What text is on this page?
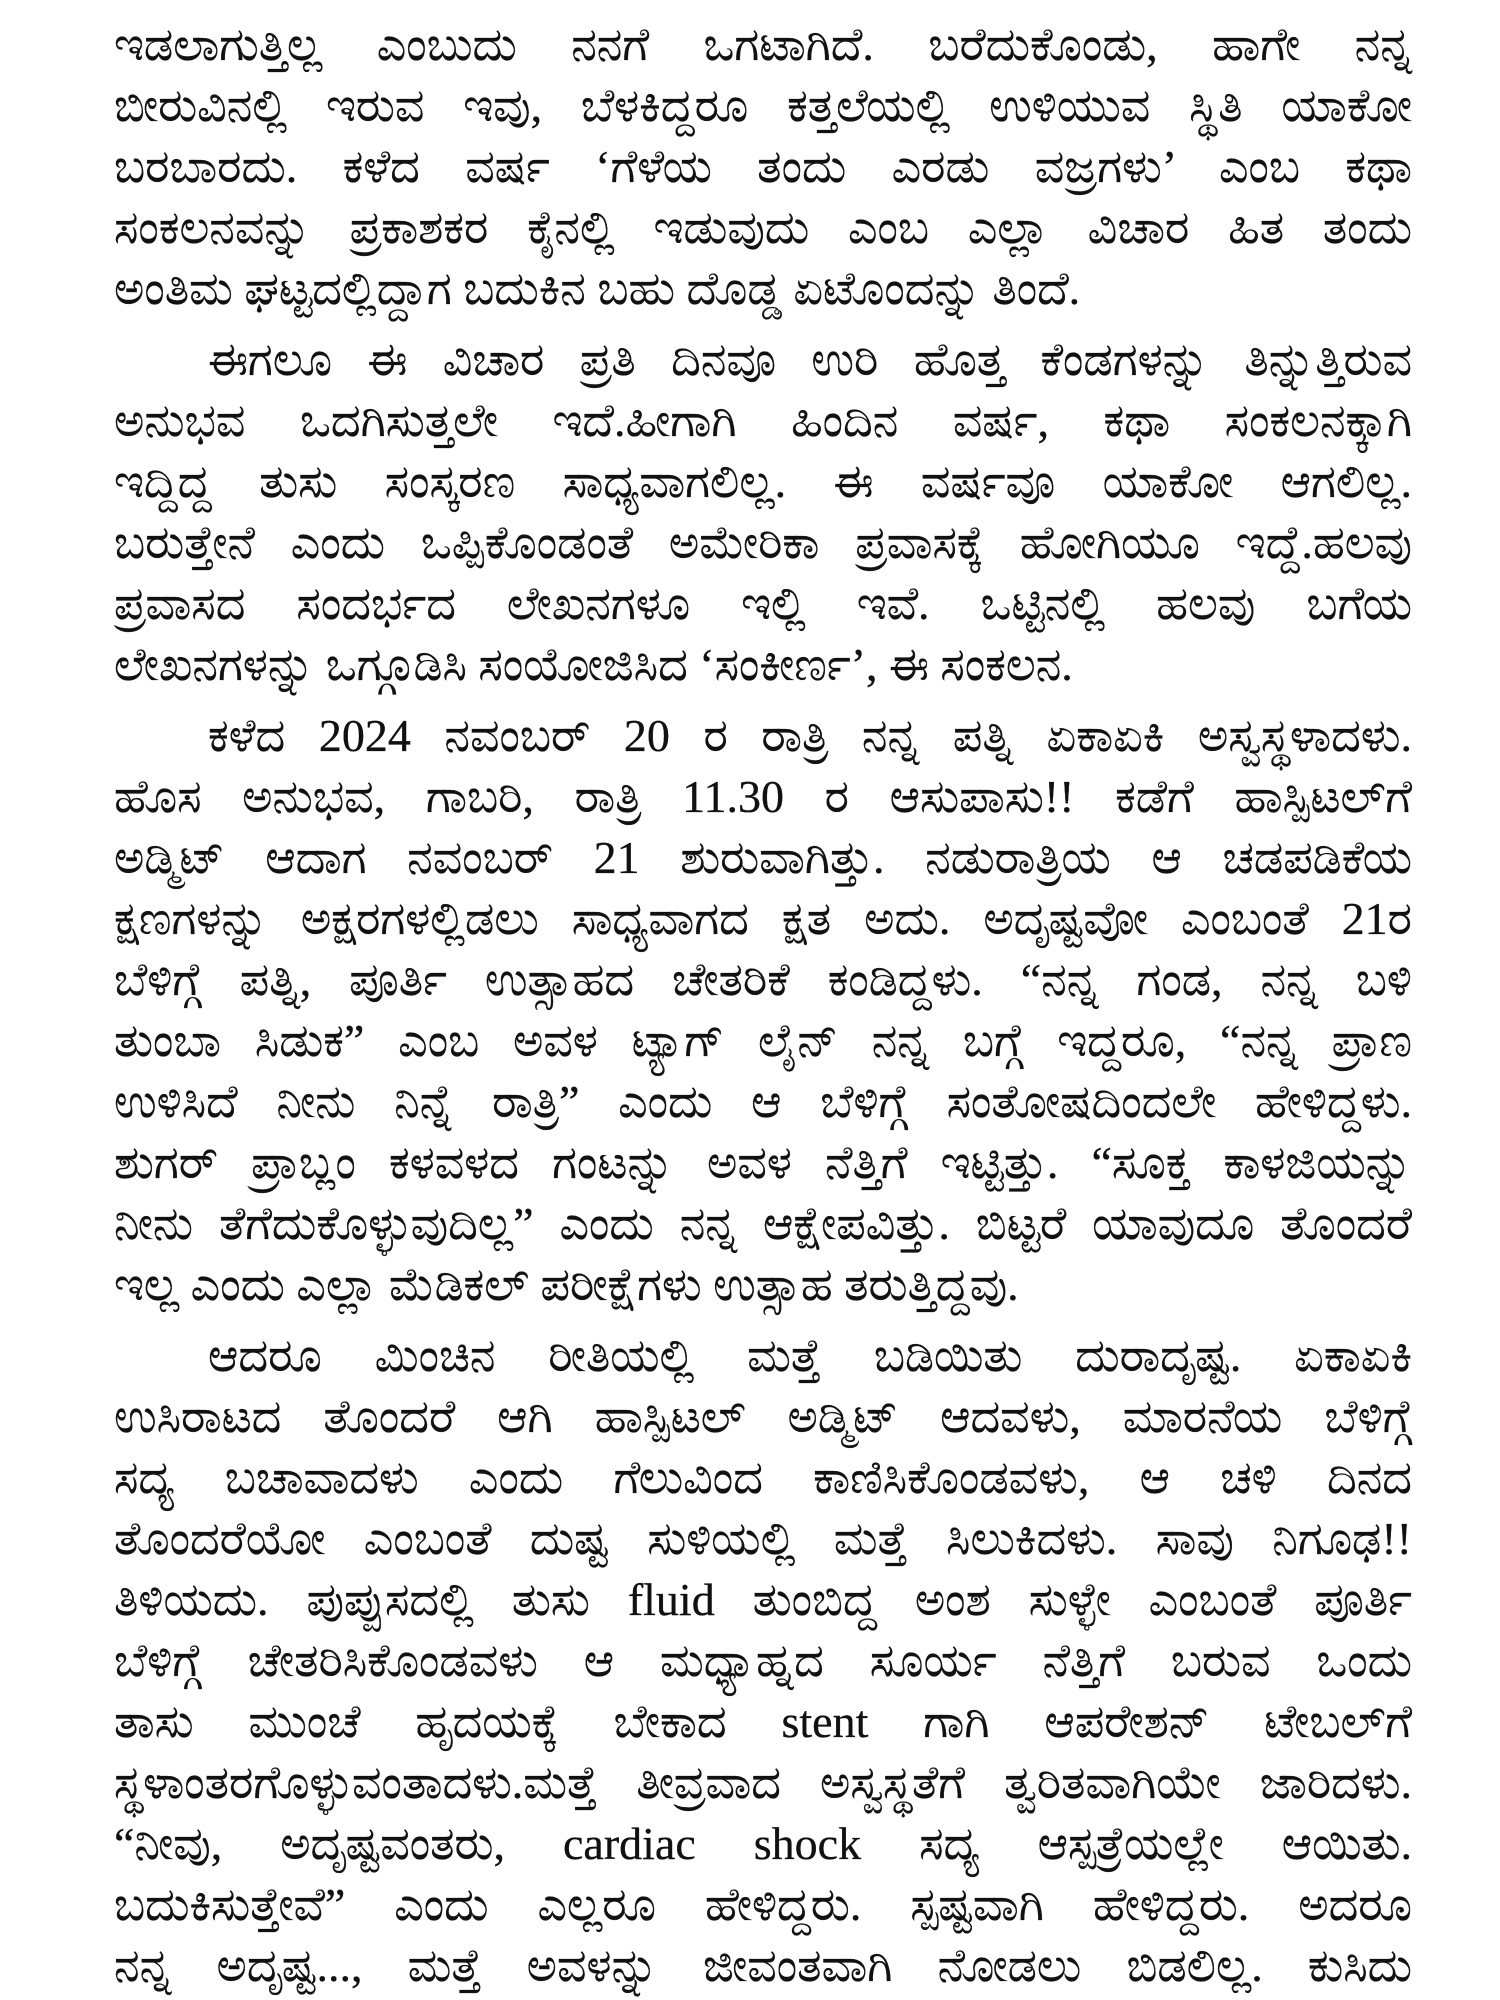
ಇಡಲಾಗುತ್ತಿಲ್ಲ ಎಂಬುದು ನನಗೆ ಒಗಟಾಗಿದೆ. ಬರೆದುಕೊಂಡು, ಹಾಗೇ ನನ್ನ
ಬೀರುವಿನಲ್ಲಿ ಇರುವ ಇವು, ಬೆಳಕಿದ್ದರೂ ಕತ್ತಲೆಯಲ್ಲಿ ಉಳಿಯುವ ಸ್ಥಿತಿ ಯಾಕೋ
ಬರಬಾರದು. ಕಳೆದ ವರ್ಷ ‘ಗೆಳೆಯ ತಂದು ಎರಡು ವಜ್ರಗಳು’ ಎಂಬ ಕಥಾ
ಸಂಕಲನವನ್ನು ಪ್ರಕಾಶಕರ ಕೈನಲ್ಲಿ ಇಡುವುದು ಎಂಬ ಎಲ್ಲಾ ವಿಚಾರ ಹಿತ ತಂದು
ಅಂತಿಮ ಘಟ್ಟದಲ್ಲಿದ್ದಾಗ ಬದುಕಿನ ಬಹು ದೊಡ್ಡ ಏಟೊಂದನ್ನು ತಿಂದೆ.
ಈಗಲೂ ಈ ವಿಚಾರ ಪ್ರತಿ ದಿನವೂ ಉರಿ ಹೊತ್ತ ಕೆಂಡಗಳನ್ನು ತಿನ್ನುತ್ತಿರುವ
ಅನುಭವ ಒದಗಿಸುತ್ತಲೇ ಇದೆ.ಹೀಗಾಗಿ ಹಿಂದಿನ ವರ್ಷ, ಕಥಾ ಸಂಕಲನಕ್ಕಾಗಿ
ಇದ್ದಿದ್ದ ತುಸು ಸಂಸ್ಕರಣ ಸಾಧ್ಯವಾಗಲಿಲ್ಲ. ಈ ವರ್ಷವೂ ಯಾಕೋ ಆಗಲಿಲ್ಲ.
ಬರುತ್ತೇನೆ ಎಂದು ಒಪ್ಪಿಕೊಂಡಂತೆ ಅಮೇರಿಕಾ ಪ್ರವಾಸಕ್ಕೆ ಹೋಗಿಯೂ ಇದ್ದೆ.ಹಲವು
ಪ್ರವಾಸದ ಸಂದರ್ಭದ ಲೇಖನಗಳೂ ಇಲ್ಲಿ ಇವೆ. ಒಟ್ಟಿನಲ್ಲಿ ಹಲವು ಬಗೆಯ
ಲೇಖನಗಳನ್ನು ಒಗ್ಗೂಡಿಸಿ ಸಂಯೋಜಿಸಿದ ‘ಸಂಕೀರ್ಣ’, ಈ ಸಂಕಲನ.
ಕಳೆದ 2024 ನವಂಬರ್ 20 ರ ರಾತ್ರಿ ನನ್ನ ಪತ್ನಿ ಏಕಾಏಕಿ ಅಸ್ವಸ್ಥಳಾದಳು.
ಹೊಸ ಅನುಭವ, ಗಾಬರಿ, ರಾತ್ರಿ 11.30 ರ ಆಸುಪಾಸು!! ಕಡೆಗೆ ಹಾಸ್ಪಿಟಲ್‌ಗೆ
ಅಡ್ಮಿಟ್ ಆದಾಗ ನವಂಬರ್ 21 ಶುರುವಾಗಿತ್ತು. ನಡುರಾತ್ರಿಯ ಆ ಚಡಪಡಿಕೆಯ
ಕ್ಷಣಗಳನ್ನು ಅಕ್ಷರಗಳಲ್ಲಿಡಲು ಸಾಧ್ಯವಾಗದ ಕ್ಷತ ಅದು. ಅದೃಷ್ಟವೋ ಎಂಬಂತೆ 21ರ
ಬೆಳಿಗ್ಗೆ ಪತ್ನಿ, ಪೂರ್ತಿ ಉತ್ಸಾಹದ ಚೇತರಿಕೆ ಕಂಡಿದ್ದಳು. “ನನ್ನ ಗಂಡ, ನನ್ನ ಬಳಿ
ತುಂಬಾ ಸಿಡುಕ” ಎಂಬ ಅವಳ ಟ್ಯಾಗ್ ಲೈನ್ ನನ್ನ ಬಗ್ಗೆ ಇದ್ದರೂ, “ನನ್ನ ಪ್ರಾಣ
ಉಳಿಸಿದೆ ನೀನು ನಿನ್ನೆ ರಾತ್ರಿ” ಎಂದು ಆ ಬೆಳಿಗ್ಗೆ ಸಂತೋಷದಿಂದಲೇ ಹೇಳಿದ್ದಳು.
ಶುಗರ್ ಪ್ರಾಬ್ಲಂ ಕಳವಳದ ಗಂಟನ್ನು ಅವಳ ನೆತ್ತಿಗೆ ಇಟ್ಟಿತ್ತು. “ಸೂಕ್ತ ಕಾಳಜಿಯನ್ನು
ನೀನು ತೆಗೆದುಕೊಳ್ಳುವುದಿಲ್ಲ” ಎಂದು ನನ್ನ ಆಕ್ಷೇಪವಿತ್ತು. ಬಿಟ್ಟರೆ ಯಾವುದೂ ತೊಂದರೆ
ಇಲ್ಲ ಎಂದು ಎಲ್ಲಾ ಮೆಡಿಕಲ್ ಪರೀಕ್ಷೆಗಳು ಉತ್ಸಾಹ ತರುತ್ತಿದ್ದವು.
ಆದರೂ ಮಿಂಚಿನ ರೀತಿಯಲ್ಲಿ ಮತ್ತೆ ಬಡಿಯಿತು ದುರಾದೃಷ್ಟ. ಏಕಾಏಕಿ
ಉಸಿರಾಟದ ತೊಂದರೆ ಆಗಿ ಹಾಸ್ಪಿಟಲ್ ಅಡ್ಮಿಟ್ ಆದವಳು, ಮಾರನೆಯ ಬೆಳಿಗ್ಗೆ
ಸದ್ಯ ಬಚಾವಾದಳು ಎಂದು ಗೆಲುವಿಂದ ಕಾಣಿಸಿಕೊಂಡವಳು, ಆ ಚಳಿ ದಿನದ
ತೊಂದರೆಯೋ ಎಂಬಂತೆ ದುಷ್ಟ ಸುಳಿಯಲ್ಲಿ ಮತ್ತೆ ಸಿಲುಕಿದಳು. ಸಾವು ನಿಗೂಢ!!
ತಿಳಿಯದು. ಪುಪ್ಪುಸದಲ್ಲಿ ತುಸು fluid ತುಂಬಿದ್ದ ಅಂಶ ಸುಳ್ಳೇ ಎಂಬಂತೆ ಪೂರ್ತಿ
ಬೆಳಿಗ್ಗೆ ಚೇತರಿಸಿಕೊಂಡವಳು ಆ ಮಧ್ಯಾಹ್ನದ ಸೂರ್ಯ ನೆತ್ತಿಗೆ ಬರುವ ಒಂದು
ತಾಸು ಮುಂಚೆ ಹೃದಯಕ್ಕೆ ಬೇಕಾದ stent ಗಾಗಿ ಆಪರೇಶನ್ ಟೇಬಲ್‌ಗೆ
ಸ್ಥಳಾಂತರಗೊಳ್ಳುವಂತಾದಳು.ಮತ್ತೆ ತೀವ್ರವಾದ ಅಸ್ವಸ್ಥತೆಗೆ ತ್ವರಿತವಾಗಿಯೇ ಜಾರಿದಳು.
“ನೀವು, ಅದೃಷ್ಟವಂತರು, cardiac shock ಸದ್ಯ ಆಸ್ಪತ್ರೆಯಲ್ಲೇ ಆಯಿತು.
ಬದುಕಿಸುತ್ತೇವೆ” ಎಂದು ಎಲ್ಲರೂ ಹೇಳಿದ್ದರು. ಸ್ಪಷ್ಟವಾಗಿ ಹೇಳಿದ್ದರು. ಅದರೂ
ನನ್ನ ಅದೃಷ್ಟ..., ಮತ್ತೆ ಅವಳನ್ನು ಜೀವಂತವಾಗಿ ನೋಡಲು ಬಿಡಲಿಲ್ಲ. ಕುಸಿದು
